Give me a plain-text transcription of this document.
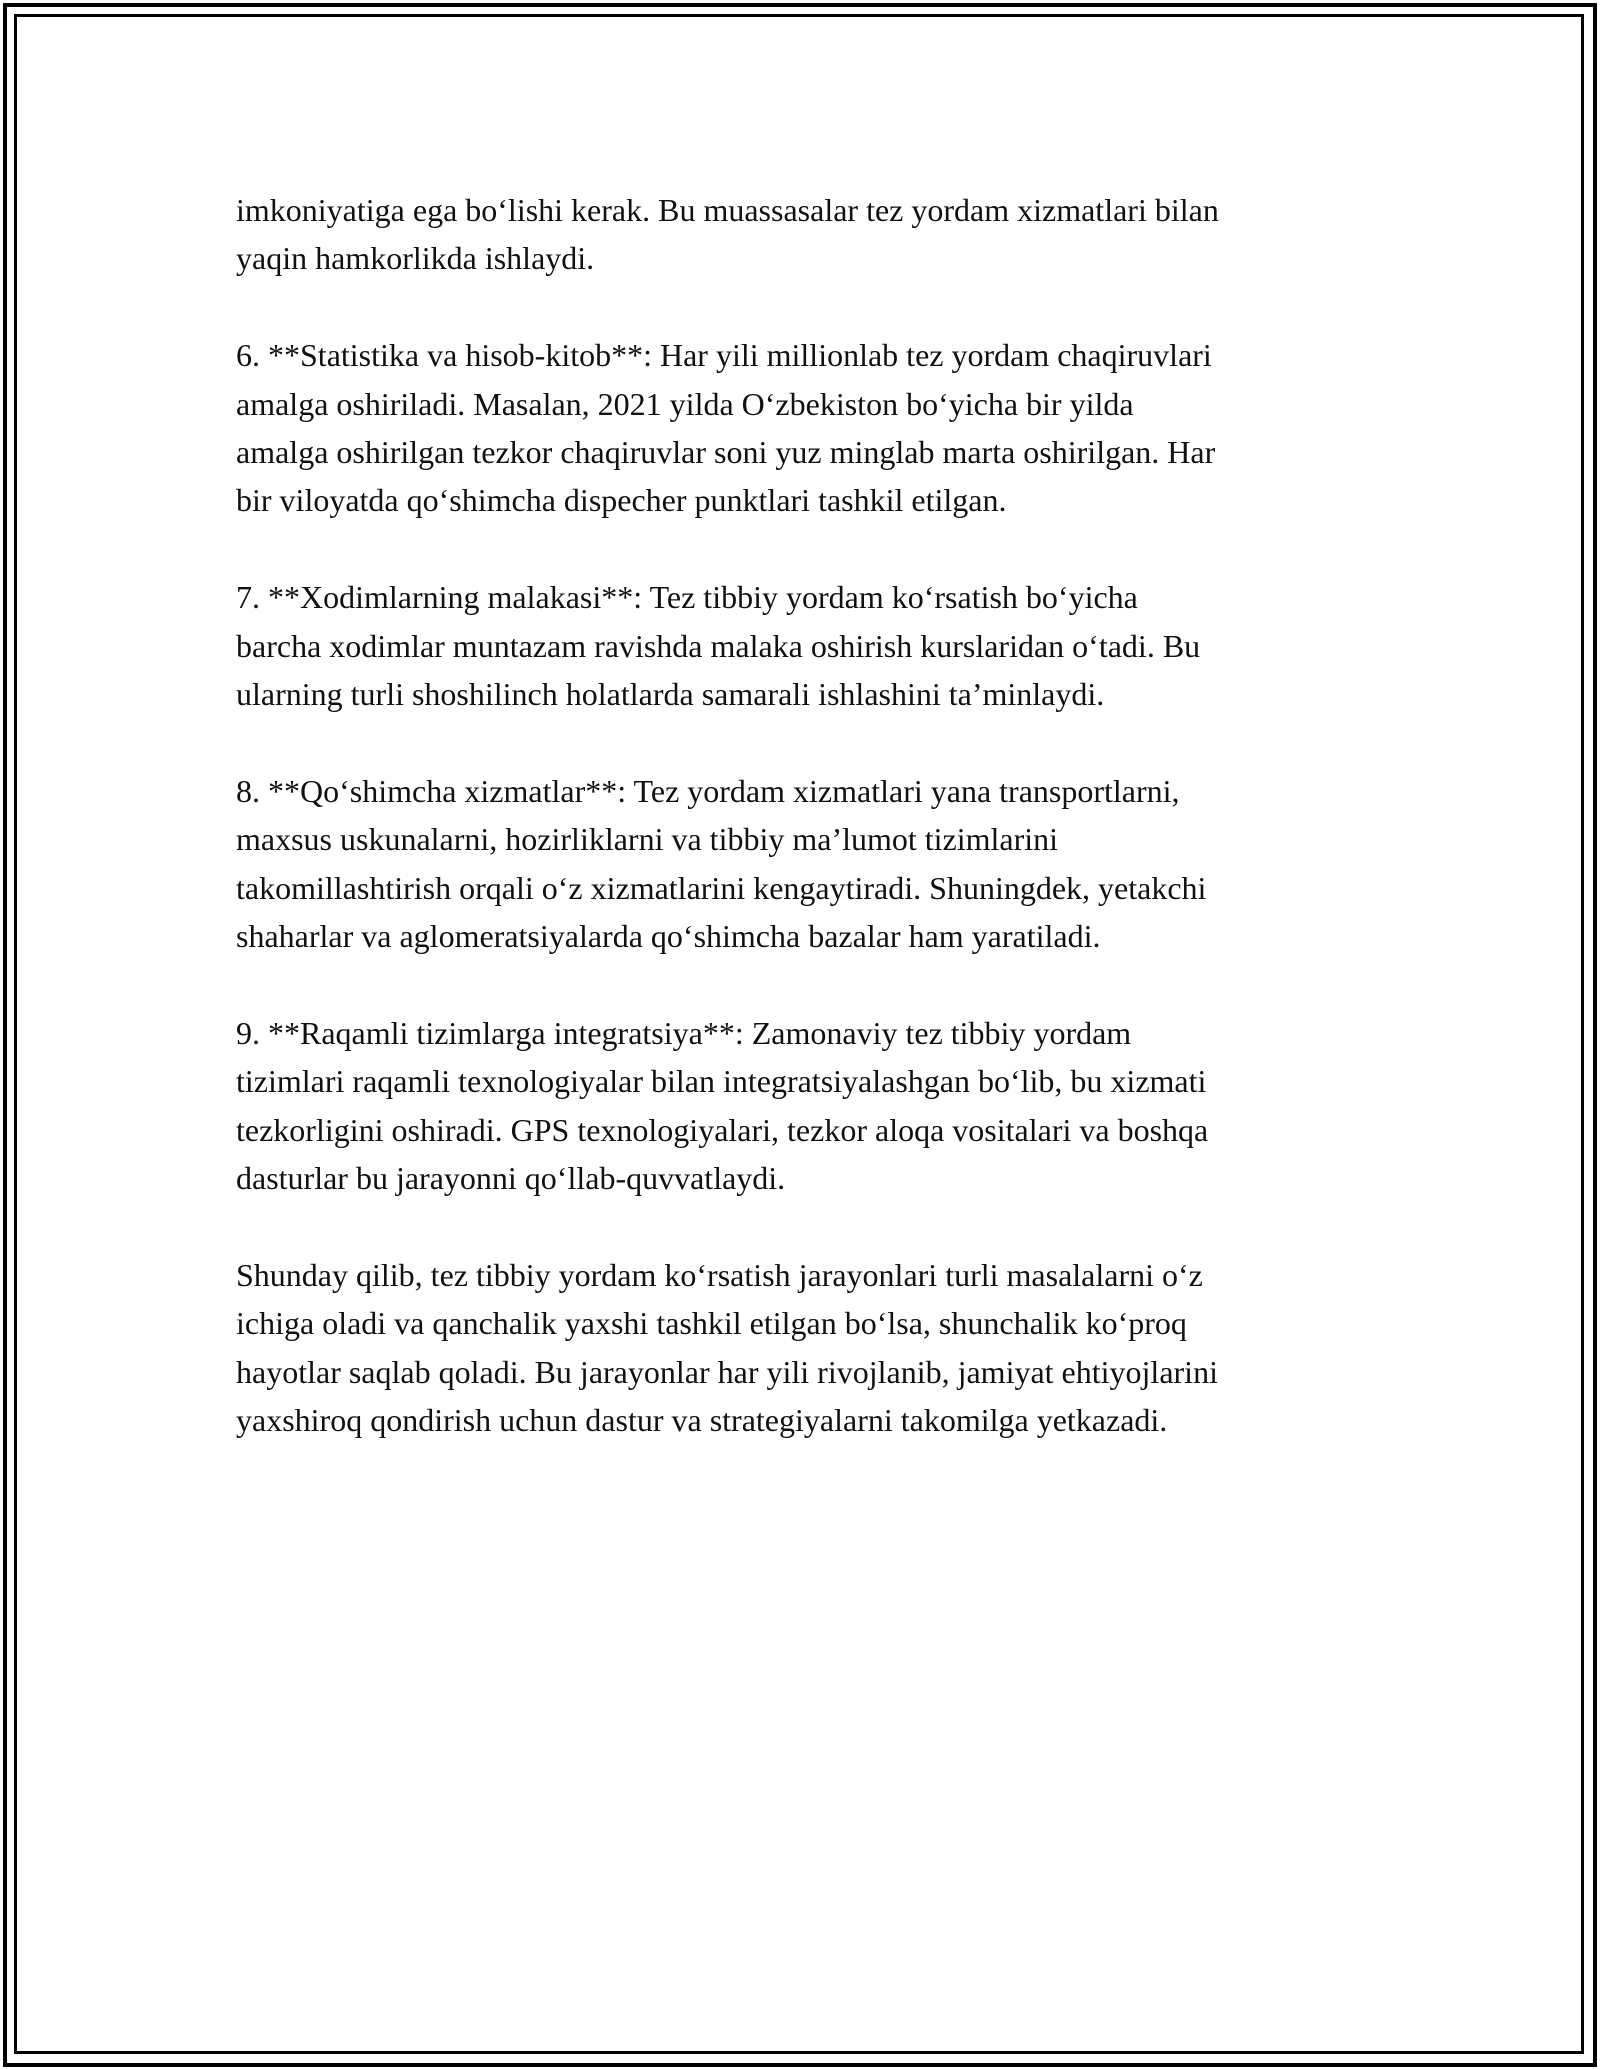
imkoniyatiga ega bo‘lishi kerak. Bu muassasalar tez yordam xizmatlari bilan
yaqin hamkorlikda ishlaydi.

6. **Statistika va hisob-kitob**: Har yili millionlab tez yordam chaqiruvlari
amalga oshiriladi. Masalan, 2021 yilda O‘zbekiston bo‘yicha bir yilda
amalga oshirilgan tezkor chaqiruvlar soni yuz minglab marta oshirilgan. Har
bir viloyatda qo‘shimcha dispecher punktlari tashkil etilgan.

7. **Xodimlarning malakasi**: Tez tibbiy yordam ko‘rsatish bo‘yicha
barcha xodimlar muntazam ravishda malaka oshirish kurslaridan o‘tadi. Bu
ularning turli shoshilinch holatlarda samarali ishlashini ta’minlaydi.

8. **Qo‘shimcha xizmatlar**: Tez yordam xizmatlari yana transportlarni,
maxsus uskunalarni, hozirliklarni va tibbiy ma’lumot tizimlarini
takomillashtirish orqali o‘z xizmatlarini kengaytiradi. Shuningdek, yetakchi
shaharlar va aglomeratsiyalarda qo‘shimcha bazalar ham yaratiladi.

9. **Raqamli tizimlarga integratsiya**: Zamonaviy tez tibbiy yordam
tizimlari raqamli texnologiyalar bilan integratsiyalashgan bo‘lib, bu xizmati
tezkorligini oshiradi. GPS texnologiyalari, tezkor aloqa vositalari va boshqa
dasturlar bu jarayonni qo‘llab-quvvatlaydi.

Shunday qilib, tez tibbiy yordam ko‘rsatish jarayonlari turli masalalarni o‘z
ichiga oladi va qanchalik yaxshi tashkil etilgan bo‘lsa, shunchalik ko‘proq
hayotlar saqlab qoladi. Bu jarayonlar har yili rivojlanib, jamiyat ehtiyojlarini
yaxshiroq qondirish uchun dastur va strategiyalarni takomilga yetkazadi.
